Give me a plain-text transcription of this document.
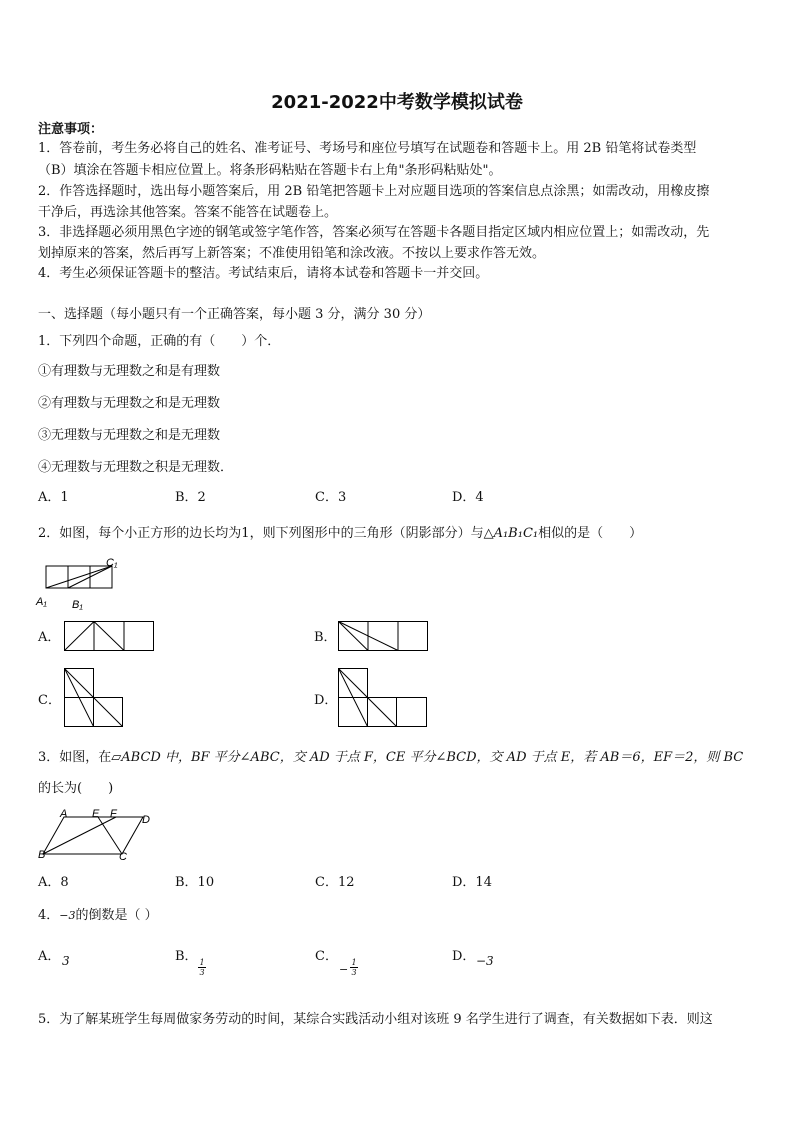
2021-2022中考数学模拟试卷
注意事项：
1．答卷前，考生务必将自己的姓名、准考证号、考场号和座位号填写在试题卷和答题卡上。用 2B 铅笔将试卷类型
（B）填涂在答题卡相应位置上。将条形码粘贴在答题卡右上角"条形码粘贴处"。
2．作答选择题时，选出每小题答案后，用 2B 铅笔把答题卡上对应题目选项的答案信息点涂黑；如需改动，用橡皮擦
干净后，再选涂其他答案。答案不能答在试题卷上。
3．非选择题必须用黑色字迹的钢笔或签字笔作答，答案必须写在答题卡各题目指定区域内相应位置上；如需改动，先
划掉原来的答案，然后再写上新答案；不准使用铅笔和涂改液。不按以上要求作答无效。
4．考生必须保证答题卡的整洁。考试结束后，请将本试卷和答题卡一并交回。
一、选择题（每小题只有一个正确答案，每小题 3 分，满分 30 分）
1．下列四个命题，正确的有（　　）个．
①有理数与无理数之和是有理数
②有理数与无理数之和是无理数
③无理数与无理数之和是无理数
④无理数与无理数之积是无理数．
A．1	B．2	C．3	D．4
2．如图，每个小正方形的边长均为1，则下列图形中的三角形（阴影部分）与△A₁B₁C₁相似的是（　　）
C₁
A₁ B₁
A．	B．
C．	D．
3．如图，在▱ABCD 中，BF 平分∠ABC，交 AD 于点 F，CE 平分∠BCD，交 AD 于点 E，若 AB＝6，EF＝2，则 BC
的长为(　　)
A E F D
B	C
A．8	B．10	C．12	D．14
4．−3的倒数是（ ）
A． 3	B． 1
3
C．
−
1
3
D． −3
5．为了解某班学生每周做家务劳动的时间，某综合实践活动小组对该班 9 名学生进行了调查，有关数据如下表．则这
